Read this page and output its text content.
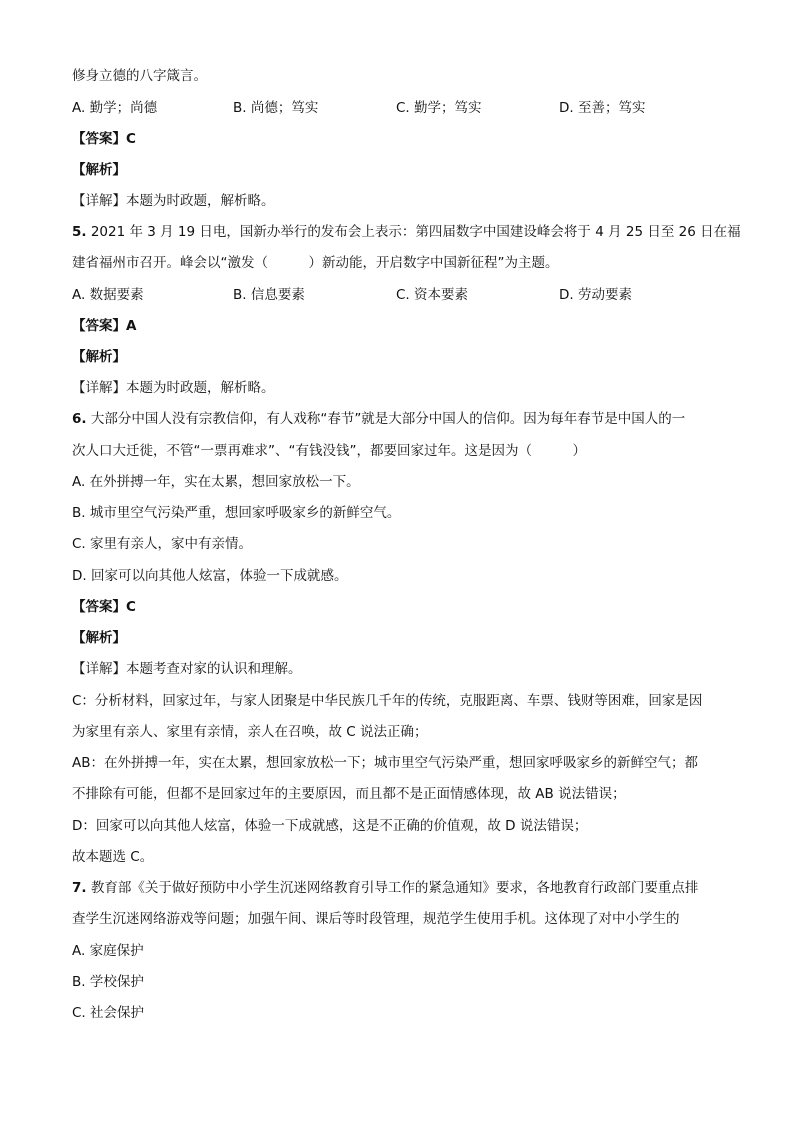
修身立德的八字箴言。
A. 勤学；尚德	B. 尚德；笃实	C. 勤学；笃实	D. 至善；笃实
【答案】C
【解析】
【详解】本题为时政题，解析略。
5. 2021 年 3 月 19 日电，国新办举行的发布会上表示：第四届数字中国建设峰会将于 4 月 25 日至 26 日在福
建省福州市召开。峰会以“激发（　　　）新动能，开启数字中国新征程”为主题。
A. 数据要素	B. 信息要素	C. 资本要素	D. 劳动要素
【答案】A
【解析】
【详解】本题为时政题，解析略。
6. 大部分中国人没有宗教信仰，有人戏称“春节”就是大部分中国人的信仰。因为每年春节是中国人的一
次人口大迁徙，不管“一票再难求”、“有钱没钱”，都要回家过年。这是因为（　　　）
A. 在外拼搏一年，实在太累，想回家放松一下。
B. 城市里空气污染严重，想回家呼吸家乡的新鲜空气。
C. 家里有亲人，家中有亲情。
D. 回家可以向其他人炫富，体验一下成就感。
【答案】C
【解析】
【详解】本题考查对家的认识和理解。
C：分析材料，回家过年，与家人团聚是中华民族几千年的传统，克服距离、车票、钱财等困难，回家是因
为家里有亲人、家里有亲情，亲人在召唤，故 C 说法正确；
AB：在外拼搏一年，实在太累，想回家放松一下；城市里空气污染严重，想回家呼吸家乡的新鲜空气；都
不排除有可能，但都不是回家过年的主要原因，而且都不是正面情感体现，故 AB 说法错误；
D：回家可以向其他人炫富，体验一下成就感，这是不正确的价值观，故 D 说法错误；
故本题选 C。
7. 教育部《关于做好预防中小学生沉迷网络教育引导工作的紧急通知》要求，各地教育行政部门要重点排
查学生沉迷网络游戏等问题；加强午间、课后等时段管理，规范学生使用手机。这体现了对中小学生的
A. 家庭保护
B. 学校保护
C. 社会保护
